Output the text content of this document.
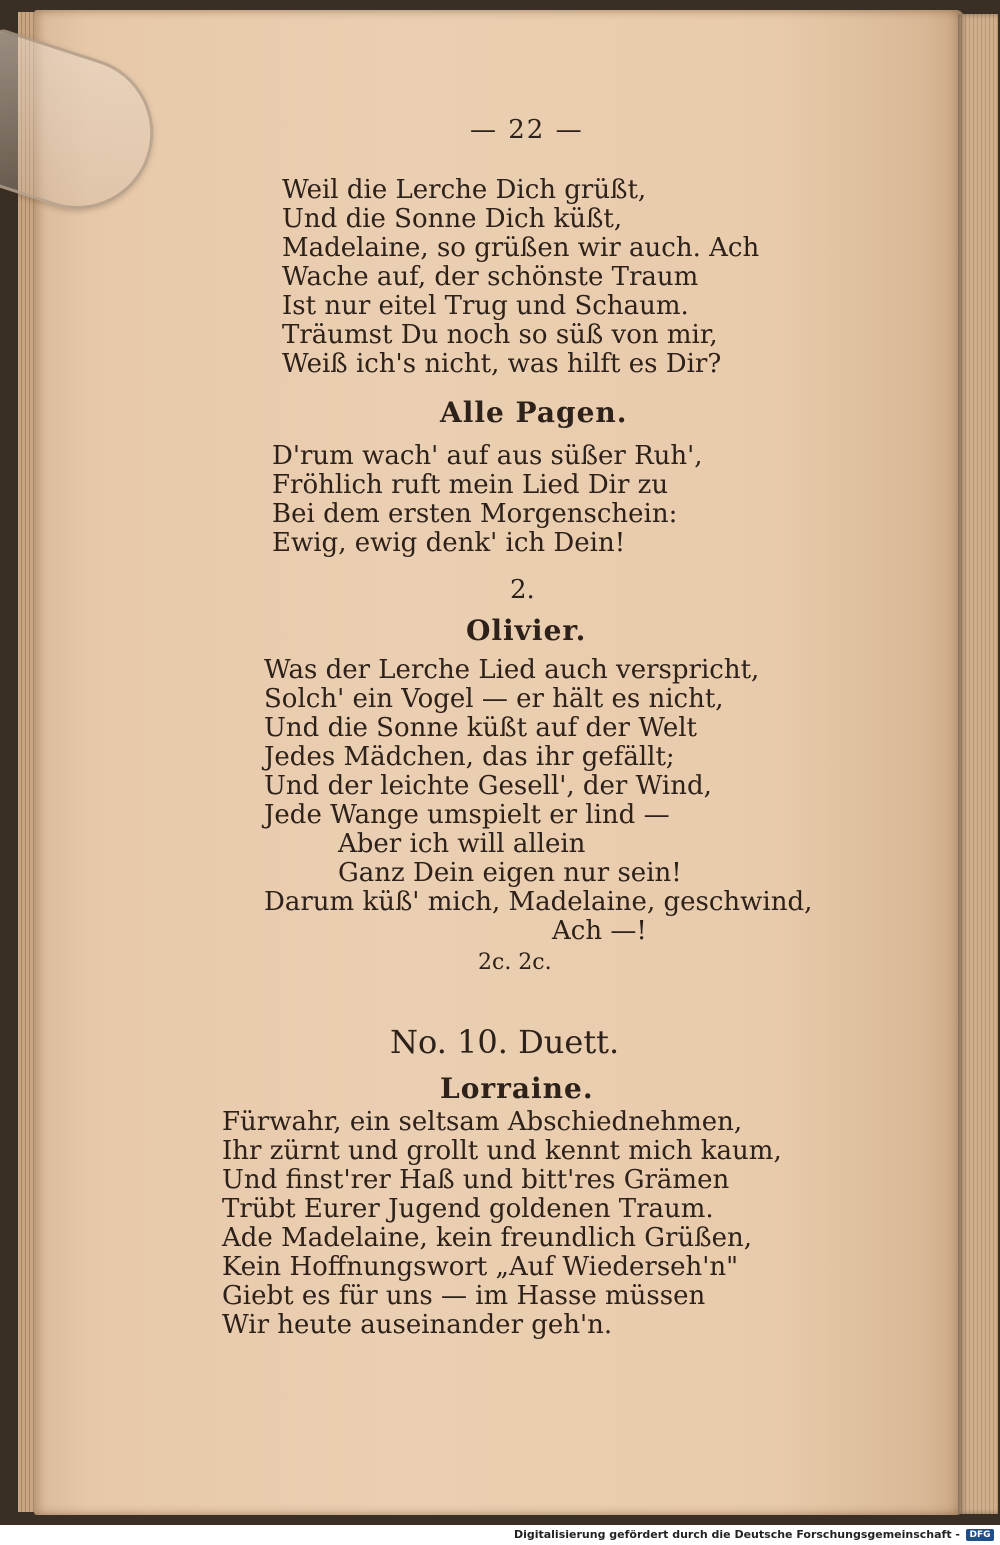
— 22 —
Weil die Lerche Dich grüßt,
Und die Sonne Dich küßt,
Madelaine, so grüßen wir auch. Ach
Wache auf, der schönste Traum
Ist nur eitel Trug und Schaum.
Träumst Du noch so süß von mir,
Weiß ich's nicht, was hilft es Dir?
Alle Pagen.
D'rum wach' auf aus süßer Ruh',
Fröhlich ruft mein Lied Dir zu
Bei dem ersten Morgenschein:
Ewig, ewig denk' ich Dein!
2.
Olivier.
Was der Lerche Lied auch verspricht,
Solch' ein Vogel — er hält es nicht,
Und die Sonne küßt auf der Welt
Jedes Mädchen, das ihr gefällt;
Und der leichte Gesell', der Wind,
Jede Wange umspielt er lind —
Aber ich will allein
Ganz Dein eigen nur sein!
Darum küß' mich, Madelaine, geschwind,
Ach —!
2c. 2c.
No. 10. Duett.
Lorraine.
Fürwahr, ein seltsam Abschiednehmen,
Ihr zürnt und grollt und kennt mich kaum,
Und finst'rer Haß und bitt'res Grämen
Trübt Eurer Jugend goldenen Traum.
Ade Madelaine, kein freundlich Grüßen,
Kein Hoffnungswort „Auf Wiederseh'n"
Giebt es für uns — im Hasse müssen
Wir heute auseinander geh'n.
Digitalisierung gefördert durch die Deutsche Forschungsgemeinschaft -	DFG
